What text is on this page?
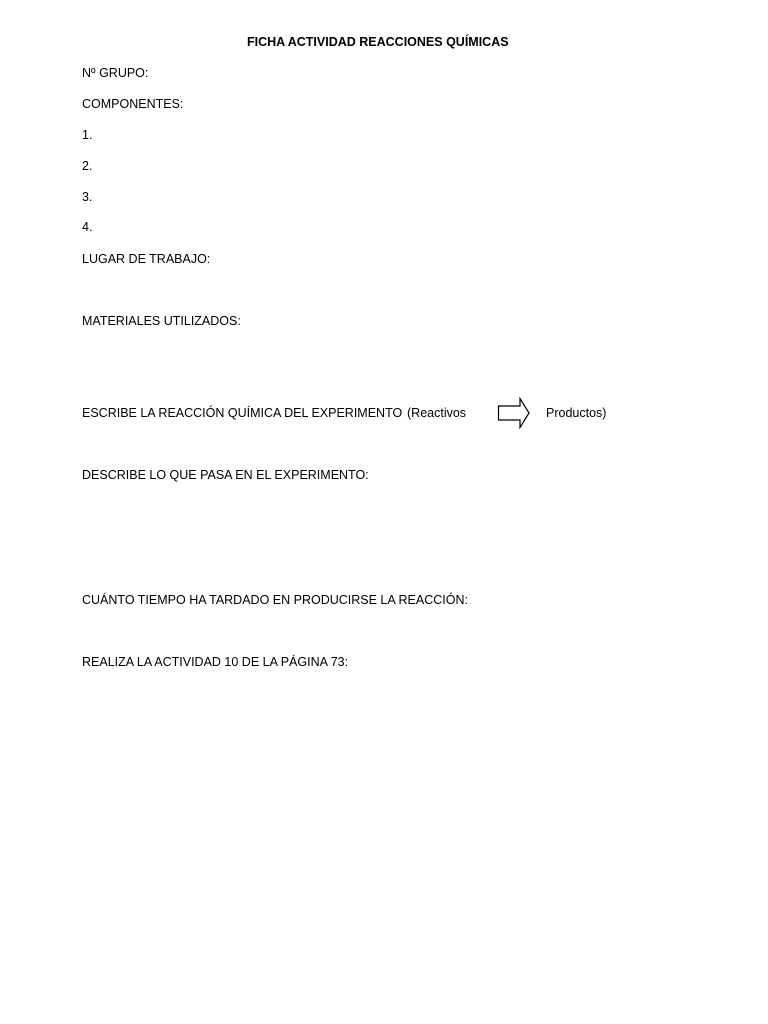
FICHA ACTIVIDAD REACCIONES QUÍMICAS
Nº GRUPO:
COMPONENTES:
1.
2.
3.
4.
LUGAR DE TRABAJO:
MATERIALES UTILIZADOS:
ESCRIBE LA REACCIÓN QUÍMICA DEL EXPERIMENTO (Reactivos	Productos)
DESCRIBE LO QUE PASA EN EL EXPERIMENTO:
CUÁNTO TIEMPO HA TARDADO EN PRODUCIRSE LA REACCIÓN:
REALIZA LA ACTIVIDAD 10 DE LA PÁGINA 73:
